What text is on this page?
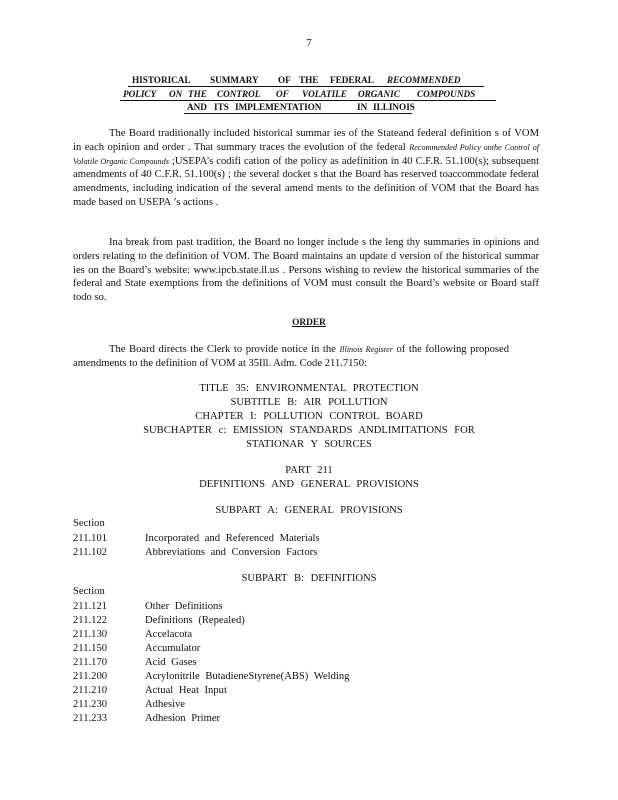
7
HISTORICAL SUMMARY OF THE FEDERAL RECOMMENDED
POLICY ON THE CONTROL OF VOLATILE ORGANIC COMPOUNDS
AND ITS IMPLEMENTATION	IN ILLINOIS
The Board traditionally included historical summar ies of the Stateand federal definition s of VOM in each opinion and order . That summary traces the evolution of the federal Recommended Policy onthe Control of Volatile Organic Compounds ;USEPA’s codifi cation of the policy as adefinition in 40 C.F.R. 51.100(s); subsequent amendments of 40 C.F.R. 51.100(s) ; the several docket s that the Board has reserved toaccommodate federal amendments, including indication of the several amend ments to the definition of VOM that the Board has made based on USEPA ’s actions .
Ina break from past tradition, the Board no longer include s the leng thy summaries in opinions and orders relating to the definition of VOM. The Board maintains an update d version of the historical summar ies on the Board’s website: www.ipcb.state.il.us . Persons wishing to review the historical summaries of the federal and State exemptions from the definitions of VOM must consult the Board’s website or Board staff todo so.
ORDER
The Board directs the Clerk to provide notice in the Illinois Register of the following proposed amendments to the definition of VOM at 35Ill. Adm. Code 211.7150:
TITLE 35: ENVIRONMENTAL PROTECTION
SUBTITLE B: AIR POLLUTION
CHAPTER I: POLLUTION CONTROL BOARD
SUBCHAPTER c: EMISSION STANDARDS ANDLIMITATIONS FOR
STATIONAR Y SOURCES
PART 211
DEFINITIONS AND GENERAL PROVISIONS
SUBPART A: GENERAL PROVISIONS
Section
211.101	Incorporated and Referenced Materials
211.102	Abbreviations and Conversion Factors
SUBPART B: DEFINITIONS
Section
211.121	Other Definitions
211.122	Definitions (Repealed)
211.130	Accelacota
211.150	Accumulator
211.170	Acid Gases
211.200	Acrylonitrile ButadieneStyrene(ABS) Welding
211.210	Actual Heat Input
211.230	Adhesive
211.233	Adhesion Primer
